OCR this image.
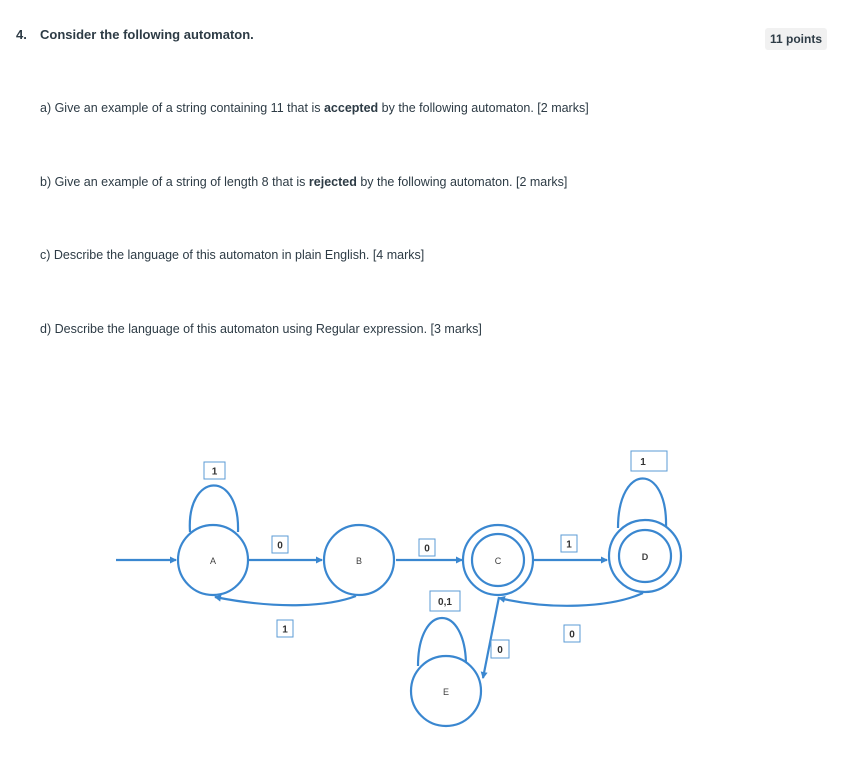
4. Consider the following automaton.	11 points
a) Give an example of a string containing 11 that is accepted by the following automaton. [2 marks]
b) Give an example of a string of length 8 that is rejected by the following automaton. [2 marks]
c) Describe the language of this automaton in plain English. [4 marks]
d) Describe the language of this automaton using Regular expression. [3 marks]
A	B	C	D
E
1
0	0	1
1
0,1
1	0
0
